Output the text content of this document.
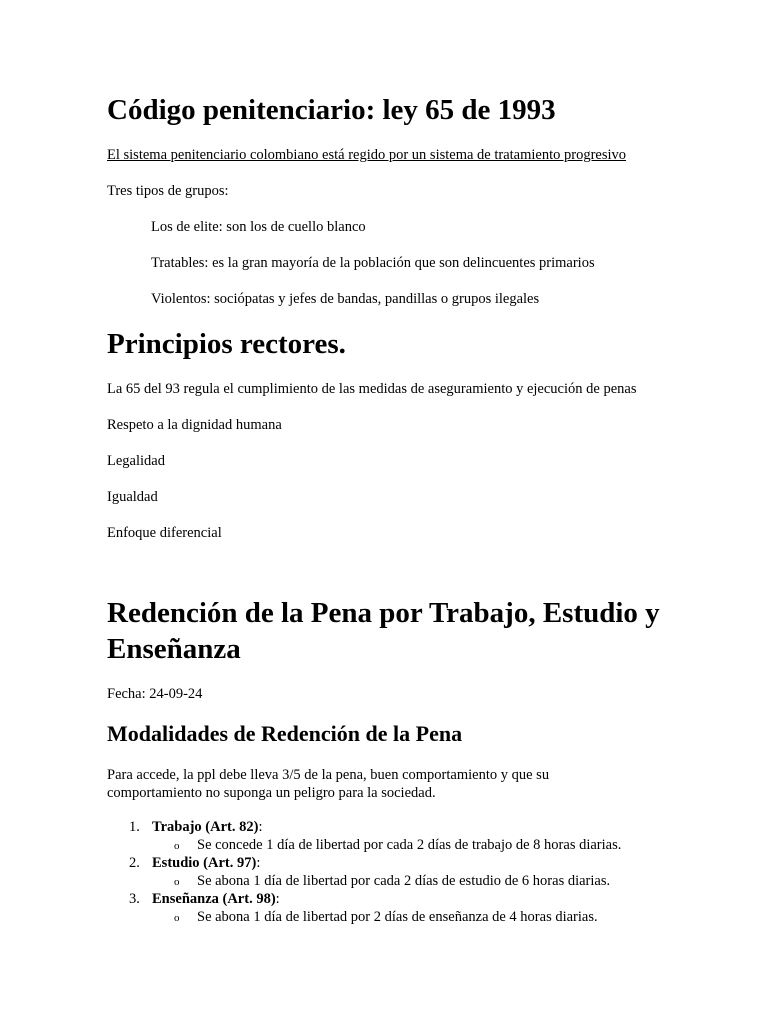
Código penitenciario: ley 65 de 1993

El sistema penitenciario colombiano está regido por un sistema de tratamiento progresivo

Tres tipos de grupos:

Los de elite: son los de cuello blanco

Tratables: es la gran mayoría de la población que son delincuentes primarios

Violentos: sociópatas y jefes de bandas, pandillas o grupos ilegales

Principios rectores.

La 65 del 93 regula el cumplimiento de las medidas de aseguramiento y ejecución de penas

Respeto a la dignidad humana

Legalidad

Igualdad

Enfoque diferencial

Redención de la Pena por Trabajo, Estudio y Enseñanza

Fecha: 24-09-24

Modalidades de Redención de la Pena

Para accede, la ppl debe lleva 3/5 de la pena, buen comportamiento y que su comportamiento no suponga un peligro para la sociedad.

1. Trabajo (Art. 82):
o Se concede 1 día de libertad por cada 2 días de trabajo de 8 horas diarias.
2. Estudio (Art. 97):
o Se abona 1 día de libertad por cada 2 días de estudio de 6 horas diarias.
3. Enseñanza (Art. 98):
o Se abona 1 día de libertad por 2 días de enseñanza de 4 horas diarias.
